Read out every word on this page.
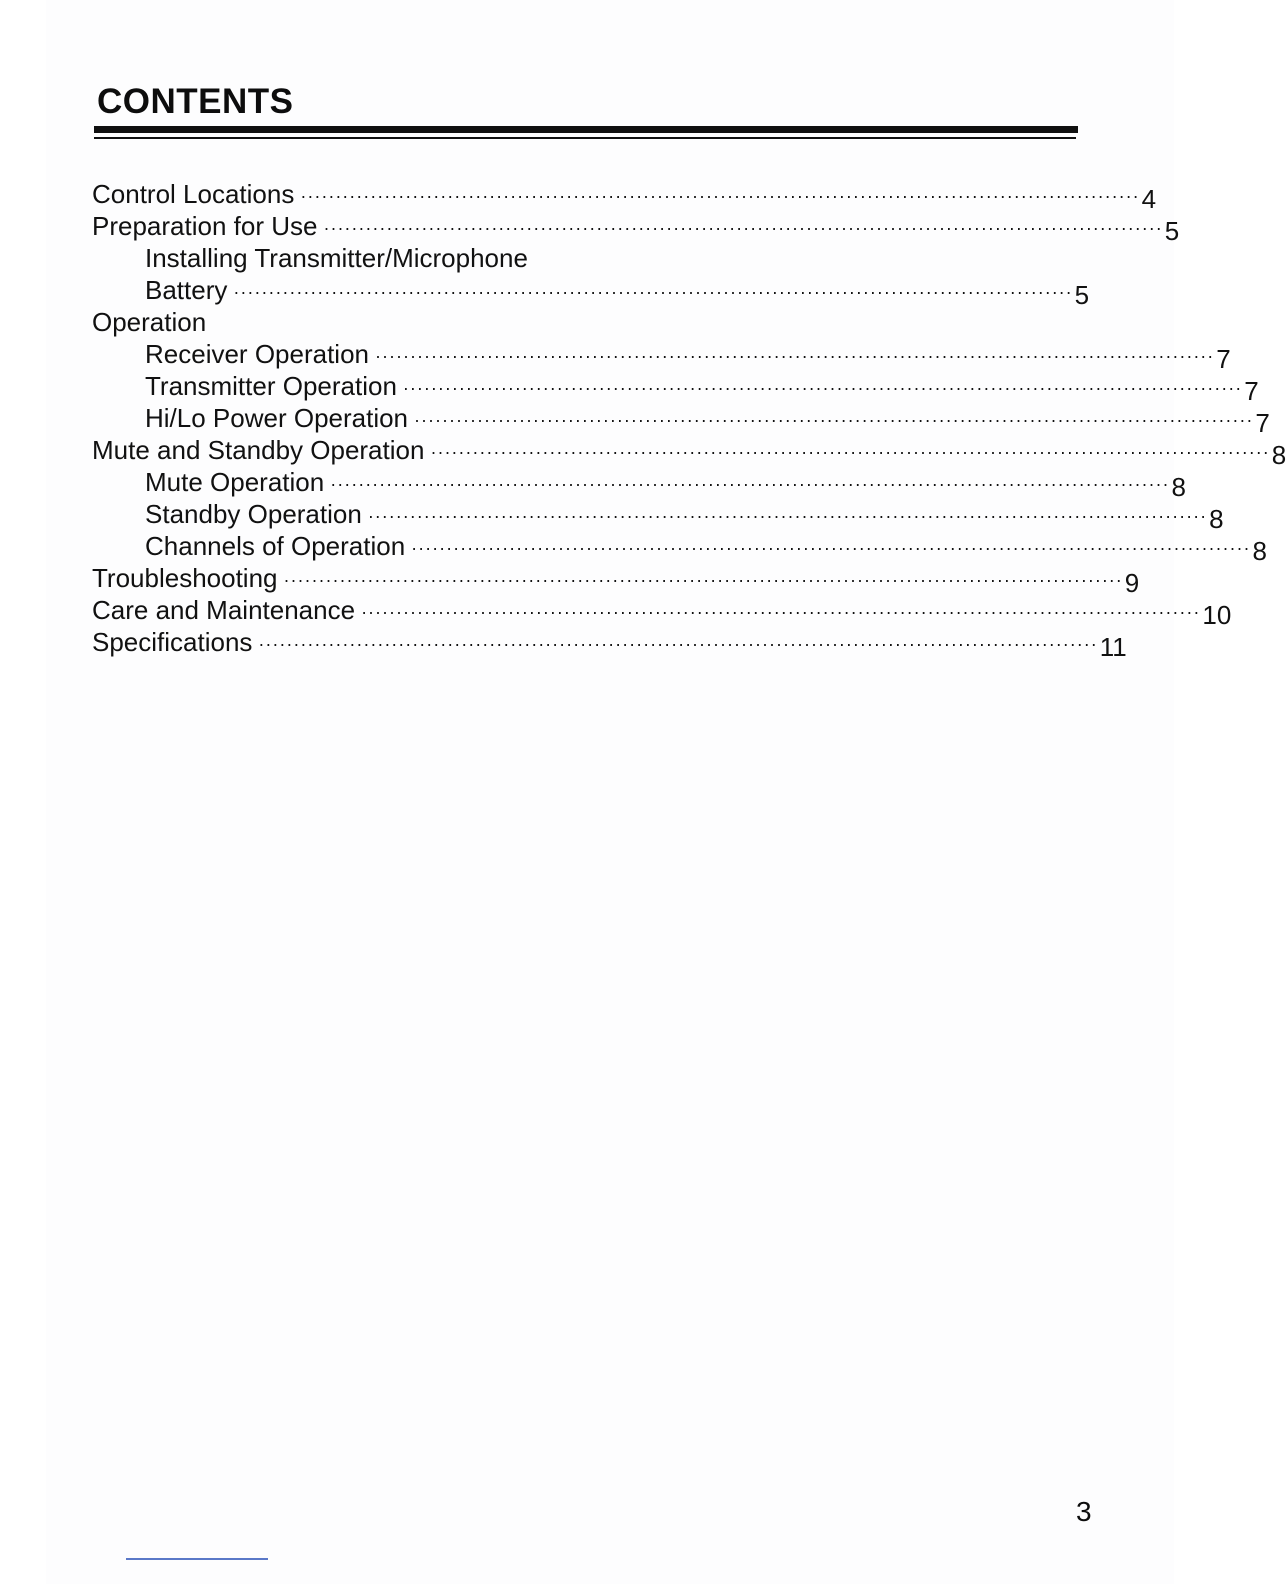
CONTENTS
Control Locations ························································································································ 4
Preparation for Use ························································································································ 5
Installing Transmitter/Microphone
Battery ························································································································ 5
Operation
Receiver Operation ························································································································ 7
Transmitter Operation ························································································································ 7
Hi/Lo Power Operation ························································································································ 7
Mute and Standby Operation ························································································································ 8
Mute Operation ························································································································ 8
Standby Operation ························································································································ 8
Channels of Operation ························································································································ 8
Troubleshooting ························································································································ 9
Care and Maintenance ························································································································ 10
Specifications ························································································································ 11
3
